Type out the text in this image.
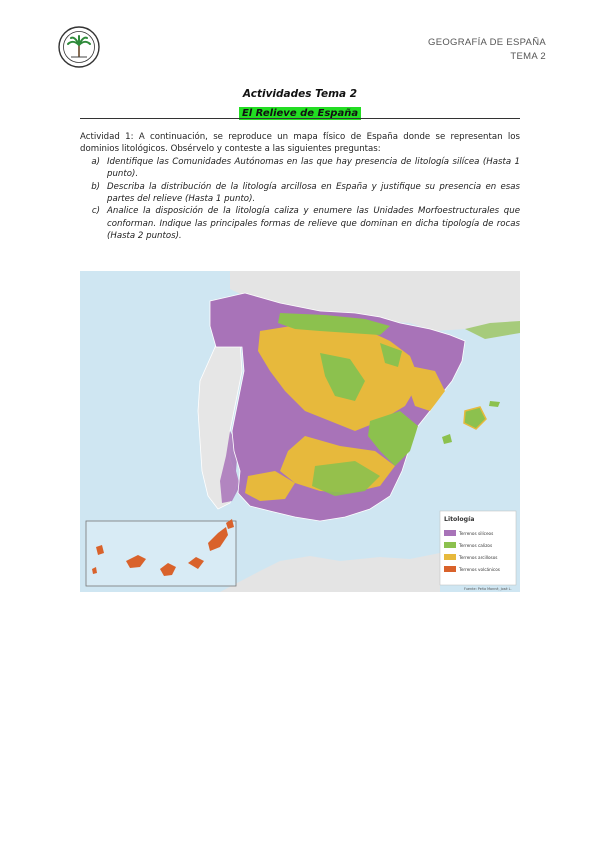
GEOGRAFÍA DE ESPAÑA
TEMA 2
Actividades Tema 2
El Relieve de España

Actividad 1: A continuación, se reproduce un mapa físico de España donde se representan los dominios litológicos. Obsérvelo y conteste a las siguientes preguntas:

a) Identifique las Comunidades Autónomas en las que hay presencia de litología silícea (Hasta 1 punto).
b) Describa la distribución de la litología arcillosa en España y justifique su presencia en esas partes del relieve (Hasta 1 punto).
c) Analice la disposición de la litología caliza y enumere las Unidades Morfoestructurales que conforman. Indique las principales formas de relieve que dominan en dicha tipología de rocas (Hasta 2 puntos).
Litología
Terrenos silíceos
Terrenos calizos
Terrenos arcillosos
Terrenos volcánicos
Fuente: Peña Monné, José L.
